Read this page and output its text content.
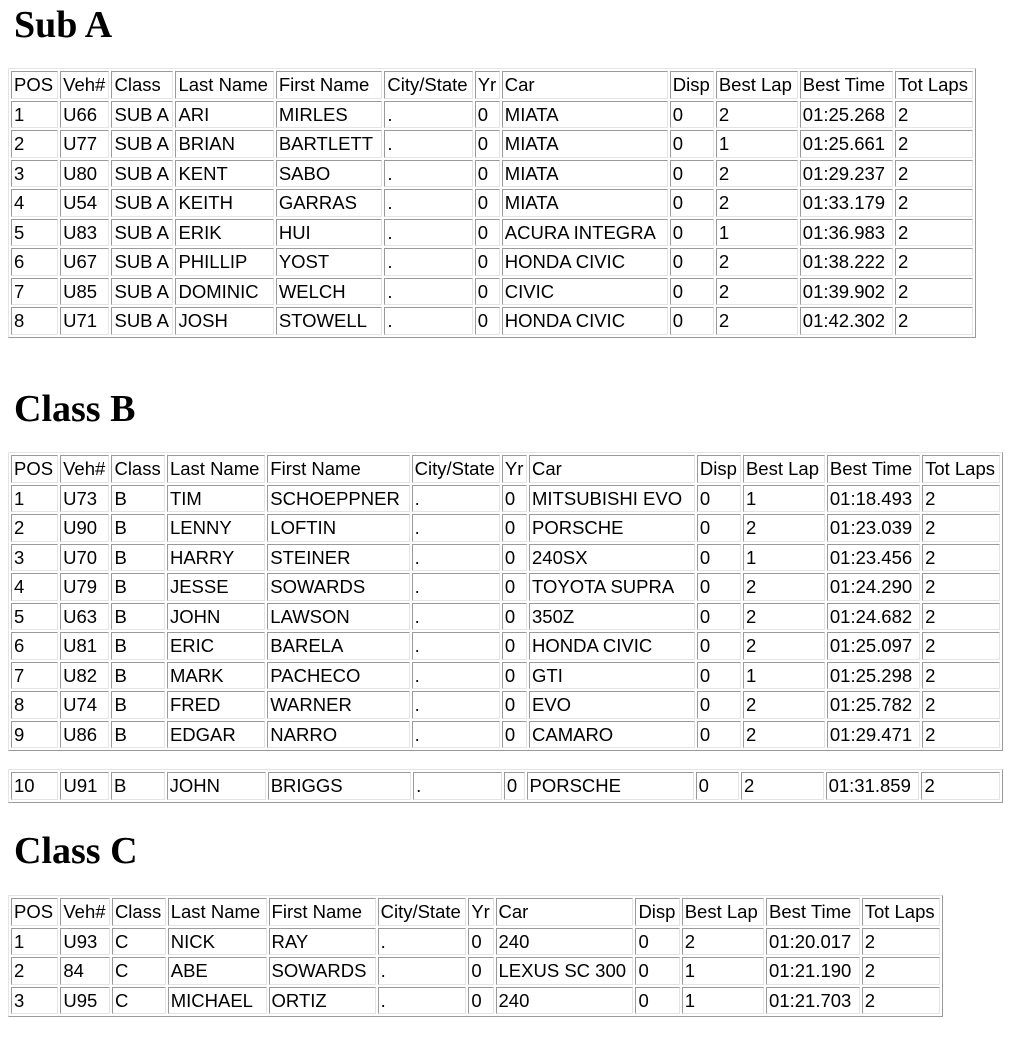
Sub A
POS	Veh#	Class	Last Name	First Name	City/State	Yr	Car	Disp	Best Lap	Best Time	Tot Laps
1	U66	SUB A	ARI	MIRLES	.	0	MIATA	0	2	01:25.268	2
2	U77	SUB A	BRIAN	BARTLETT	.	0	MIATA	0	1	01:25.661	2
3	U80	SUB A	KENT	SABO	.	0	MIATA	0	2	01:29.237	2
4	U54	SUB A	KEITH	GARRAS	.	0	MIATA	0	2	01:33.179	2
5	U83	SUB A	ERIK	HUI	.	0	ACURA INTEGRA	0	1	01:36.983	2
6	U67	SUB A	PHILLIP	YOST	.	0	HONDA CIVIC	0	2	01:38.222	2
7	U85	SUB A	DOMINIC	WELCH	.	0	CIVIC	0	2	01:39.902	2
8	U71	SUB A	JOSH	STOWELL	.	0	HONDA CIVIC	0	2	01:42.302	2
Class B
POS	Veh#	Class	Last Name	First Name	City/State	Yr	Car	Disp	Best Lap	Best Time	Tot Laps
1	U73	B	TIM	SCHOEPPNER	.	0	MITSUBISHI EVO	0	1	01:18.493	2
2	U90	B	LENNY	LOFTIN	.	0	PORSCHE	0	2	01:23.039	2
3	U70	B	HARRY	STEINER	.	0	240SX	0	1	01:23.456	2
4	U79	B	JESSE	SOWARDS	.	0	TOYOTA SUPRA	0	2	01:24.290	2
5	U63	B	JOHN	LAWSON	.	0	350Z	0	2	01:24.682	2
6	U81	B	ERIC	BARELA	.	0	HONDA CIVIC	0	2	01:25.097	2
7	U82	B	MARK	PACHECO	.	0	GTI	0	1	01:25.298	2
8	U74	B	FRED	WARNER	.	0	EVO	0	2	01:25.782	2
9	U86	B	EDGAR	NARRO	.	0	CAMARO	0	2	01:29.471	2
10	U91	B	JOHN	BRIGGS	.	0	PORSCHE	0	2	01:31.859	2
Class C
POS	Veh#	Class	Last Name	First Name	City/State	Yr	Car	Disp	Best Lap	Best Time	Tot Laps
1	U93	C	NICK	RAY	.	0	240	0	2	01:20.017	2
2	84	C	ABE	SOWARDS	.	0	LEXUS SC 300	0	1	01:21.190	2
3	U95	C	MICHAEL	ORTIZ	.	0	240	0	1	01:21.703	2
